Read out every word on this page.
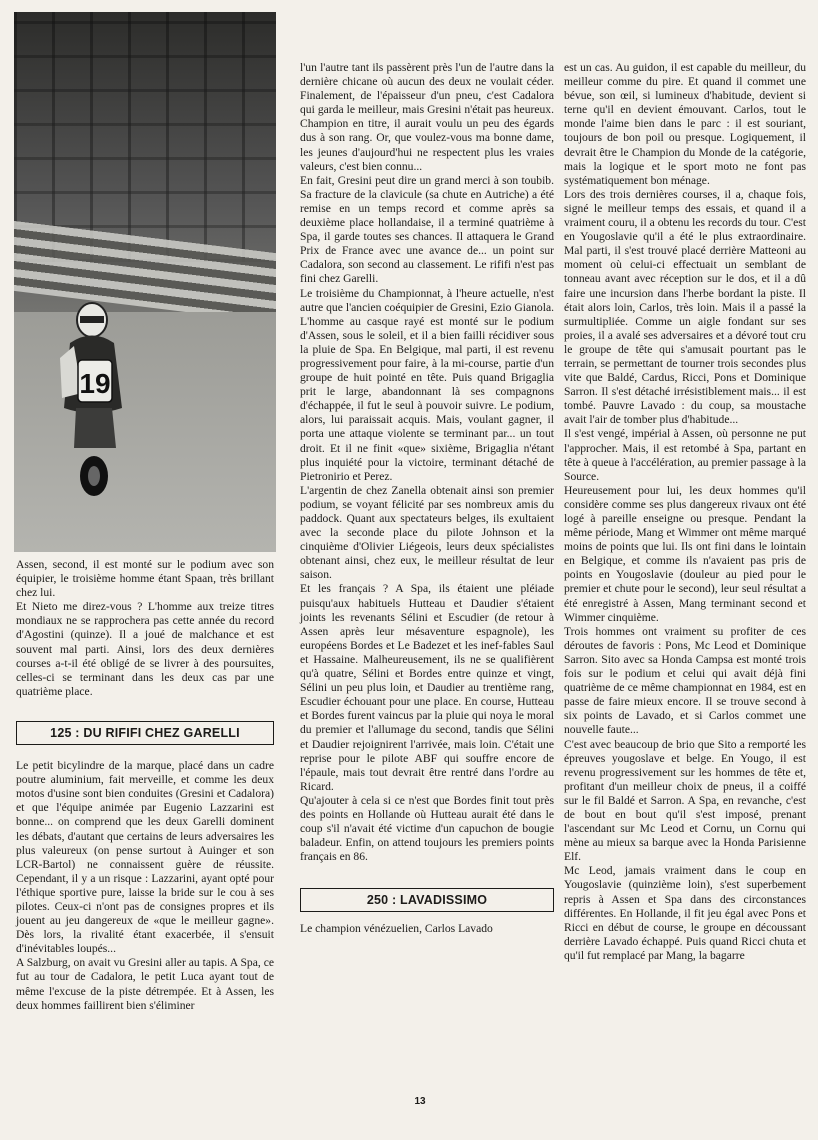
19

Assen, second, il est monté sur le podium avec son équipier, le troisième homme étant Spaan, très brillant chez lui.

Et Nieto me direz-vous ? L'homme aux treize titres mondiaux ne se rapprochera pas cette année du record d'Agostini (quinze). Il a joué de malchance et est souvent mal parti. Ainsi, lors des deux dernières courses a-t-il été obligé de se livrer à des poursuites, celles-ci se terminant dans les deux cas par une quatrième place.

125 : DU RIFIFI CHEZ GARELLI

Le petit bicylindre de la marque, placé dans un cadre poutre aluminium, fait merveille, et comme les deux motos d'usine sont bien conduites (Gresini et Cadalora) et que l'équipe animée par Eugenio Lazzarini est bonne... on comprend que les deux Garelli dominent les débats, d'autant que certains de leurs adversaires les plus valeureux (on pense surtout à Auinger et son LCR-Bartol) ne connaissent guère de réussite. Cependant, il y a un risque : Lazzarini, ayant opté pour l'éthique sportive pure, laisse la bride sur le cou à ses pilotes. Ceux-ci n'ont pas de consignes propres et ils jouent au jeu dangereux de «que le meilleur gagne». Dès lors, la rivalité étant exacerbée, il s'ensuit d'inévitables loupés...

A Salzburg, on avait vu Gresini aller au tapis. A Spa, ce fut au tour de Cadalora, le petit Luca ayant tout de même l'excuse de la piste détrempée. Et à Assen, les deux hommes faillirent bien s'éliminer

l'un l'autre tant ils passèrent près l'un de l'autre dans la dernière chicane où aucun des deux ne voulait céder. Finalement, de l'épaisseur d'un pneu, c'est Cadalora qui garda le meilleur, mais Gresini n'était pas heureux. Champion en titre, il aurait voulu un peu des égards dus à son rang. Or, que voulez-vous ma bonne dame, les jeunes d'aujourd'hui ne respectent plus les vraies valeurs, c'est bien connu...

En fait, Gresini peut dire un grand merci à son toubib. Sa fracture de la clavicule (sa chute en Autriche) a été remise en un temps record et comme après sa deuxième place hollandaise, il a terminé quatrième à Spa, il garde toutes ses chances. Il attaquera le Grand Prix de France avec une avance de... un point sur Cadalora, son second au classement. Le rififi n'est pas fini chez Garelli.

Le troisième du Championnat, à l'heure actuelle, n'est autre que l'ancien coéquipier de Gresini, Ezio Gianola. L'homme au casque rayé est monté sur le podium d'Assen, sous le soleil, et il a bien failli récidiver sous la pluie de Spa. En Belgique, mal parti, il est revenu progressivement pour faire, à la mi-course, partie d'un groupe de huit pointé en tête. Puis quand Brigaglia prit le large, abandonnant là ses compagnons d'échappée, il fut le seul à pouvoir suivre. Le podium, alors, lui paraissait acquis. Mais, voulant gagner, il porta une attaque violente se terminant par... un tout droit. Et il ne finit «que» sixième, Brigaglia n'étant plus inquiété pour la victoire, terminant détaché de Pietronirio et Perez.

L'argentin de chez Zanella obtenait ainsi son premier podium, se voyant félicité par ses nombreux amis du paddock. Quant aux spectateurs belges, ils exultaient avec la seconde place du pilote Johnson et la cinquième d'Olivier Liégeois, leurs deux spécialistes obtenant ainsi, chez eux, le meilleur résultat de leur saison.

Et les français ? A Spa, ils étaient une pléiade puisqu'aux habituels Hutteau et Daudier s'étaient joints les revenants Sélini et Escudier (de retour à Assen après leur mésaventure espagnole), les européens Bordes et Le Badezet et les inef-fables Saul et Hassaine. Malheureusement, ils ne se qualifièrent qu'à quatre, Sélini et Bordes entre quinze et vingt, Sélini un peu plus loin, et Daudier au trentième rang, Escudier échouant pour une place. En course, Hutteau et Bordes furent vaincus par la pluie qui noya le moral du premier et l'allumage du second, tandis que Sélini et Daudier rejoignirent l'arrivée, mais loin. C'était une reprise pour le pilote ABF qui souffre encore de l'épaule, mais tout devrait être rentré dans l'ordre au Ricard.

Qu'ajouter à cela si ce n'est que Bordes finit tout près des points en Hollande où Hutteau aurait été dans le coup s'il n'avait été victime d'un capuchon de bougie baladeur. Enfin, on attend toujours les premiers points français en 86.

250 : LAVADISSIMO

Le champion vénézuelien, Carlos Lavado

est un cas. Au guidon, il est capable du meilleur, du meilleur comme du pire. Et quand il commet une bévue, son œil, si lumineux d'habitude, devient si terne qu'il en devient émouvant. Carlos, tout le monde l'aime bien dans le parc : il est souriant, toujours de bon poil ou presque. Logiquement, il devrait être le Champion du Monde de la catégorie, mais la logique et le sport moto ne font pas systématiquement bon ménage.

Lors des trois dernières courses, il a, chaque fois, signé le meilleur temps des essais, et quand il a vraiment couru, il a obtenu les records du tour. C'est en Yougoslavie qu'il a été le plus extraordinaire. Mal parti, il s'est trouvé placé derrière Matteoni au moment où celui-ci effectuait un semblant de tonneau avant avec réception sur le dos, et il a dû faire une incursion dans l'herbe bordant la piste. Il était alors loin, Carlos, très loin. Mais il a passé la surmultipliée. Comme un aigle fondant sur ses proies, il a avalé ses adversaires et a dévoré tout cru le groupe de tête qui s'amusait pourtant pas le terrain, se permettant de tourner trois secondes plus vite que Baldé, Cardus, Ricci, Pons et Dominique Sarron. Il s'est détaché irrésistiblement mais... il est tombé. Pauvre Lavado : du coup, sa moustache avait l'air de tomber plus d'habitude...

Il s'est vengé, impérial à Assen, où personne ne put l'approcher. Mais, il est retombé à Spa, partant en tête à queue à l'accélération, au premier passage à la Source.

Heureusement pour lui, les deux hommes qu'il considère comme ses plus dangereux rivaux ont été logé à pareille enseigne ou presque. Pendant la même période, Mang et Wimmer ont même marqué moins de points que lui. Ils ont fini dans le lointain en Belgique, et comme ils n'avaient pas pris de points en Yougoslavie (douleur au pied pour le premier et chute pour le second), leur seul résultat a été enregistré à Assen, Mang terminant second et Wimmer cinquième.

Trois hommes ont vraiment su profiter de ces déroutes de favoris : Pons, Mc Leod et Dominique Sarron. Sito avec sa Honda Campsa est monté trois fois sur le podium et celui qui avait déjà fini quatrième de ce même championnat en 1984, est en passe de faire mieux encore. Il se trouve second à six points de Lavado, et si Carlos commet une nouvelle faute...

C'est avec beaucoup de brio que Sito a remporté les épreuves yougoslave et belge. En Yougo, il est revenu progressivement sur les hommes de tête et, profitant d'un meilleur choix de pneus, il a coiffé sur le fil Baldé et Sarron. A Spa, en revanche, c'est de bout en bout qu'il s'est imposé, prenant l'ascendant sur Mc Leod et Cornu, un Cornu qui mène au mieux sa barque avec la Honda Parisienne Elf.

Mc Leod, jamais vraiment dans le coup en Yougoslavie (quinzième loin), s'est superbement repris à Assen et Spa dans des circonstances différentes. En Hollande, il fit jeu égal avec Pons et Ricci en début de course, le groupe en découssant derrière Lavado échappé. Puis quand Ricci chuta et qu'il fut remplacé par Mang, la bagarre

13
